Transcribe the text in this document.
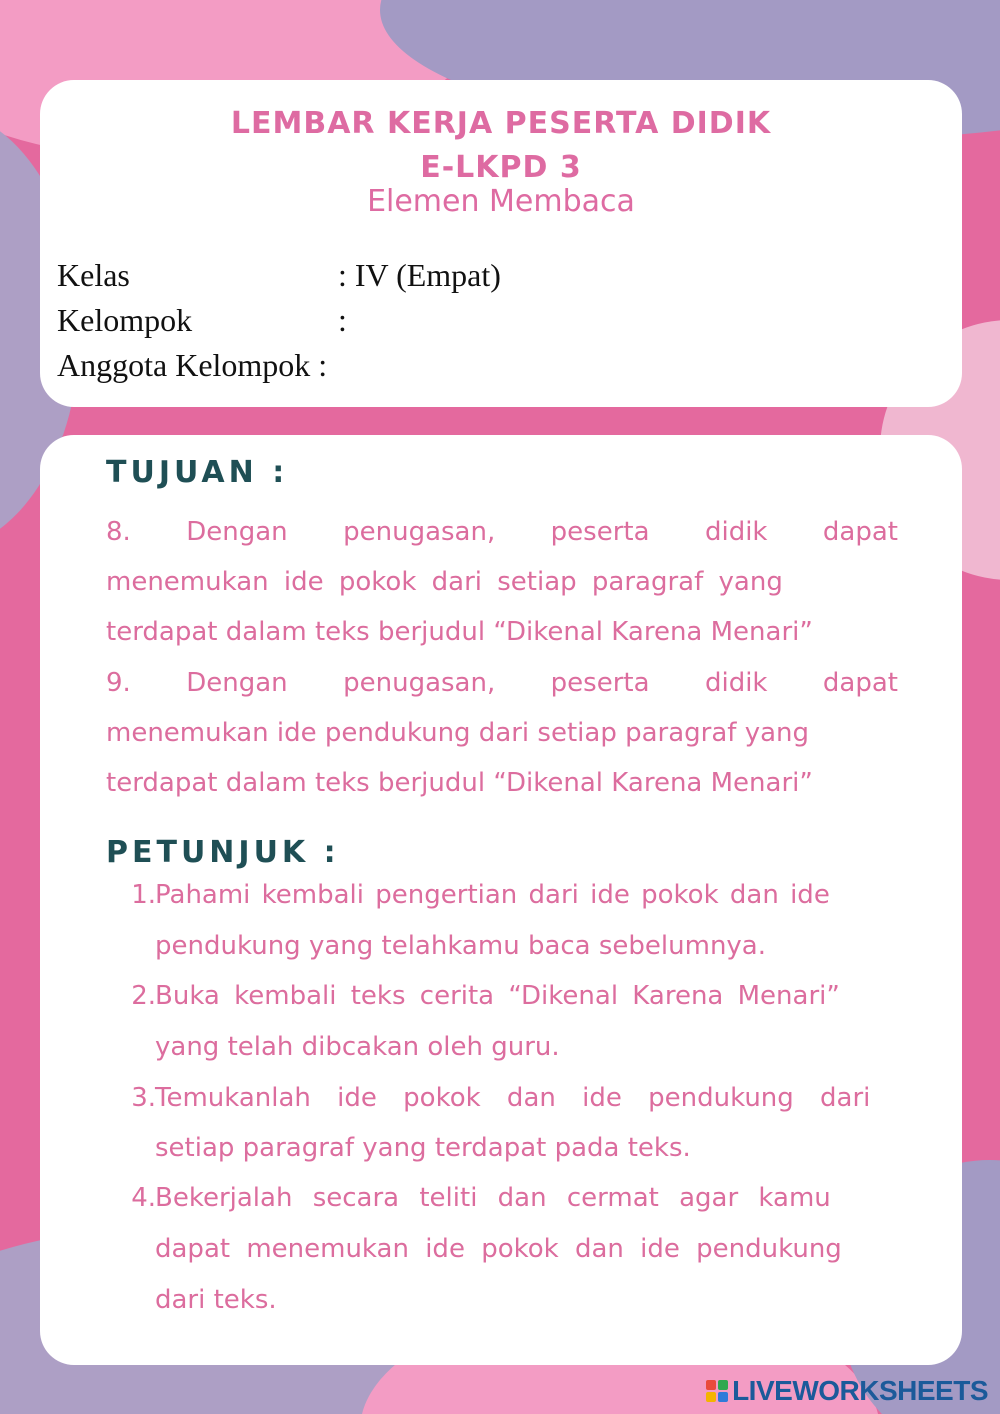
LEMBAR KERJA PESERTA DIDIK
E-LKPD 3
Elemen Membaca
Kelas	: IV (Empat)
Kelompok	:
Anggota Kelompok :
TUJUAN :
8. Dengan penugasan, peserta didik dapat
menemukan ide pokok dari setiap paragraf yang
terdapat dalam teks berjudul “Dikenal Karena Menari”
9. Dengan penugasan, peserta didik dapat
menemukan ide pendukung dari setiap paragraf yang
terdapat dalam teks berjudul “Dikenal Karena Menari”
PETUNJUK :
1. Pahami kembali pengertian dari ide pokok dan ide
pendukung yang telahkamu baca sebelumnya.
2. Buka kembali teks cerita “Dikenal Karena Menari”
yang telah dibcakan oleh guru.
3. Temukanlah ide pokok dan ide pendukung dari
setiap paragraf yang terdapat pada teks.
4. Bekerjalah secara teliti dan cermat agar kamu
dapat menemukan ide pokok dan ide pendukung
dari teks.
LIVEWORKSHEETS
